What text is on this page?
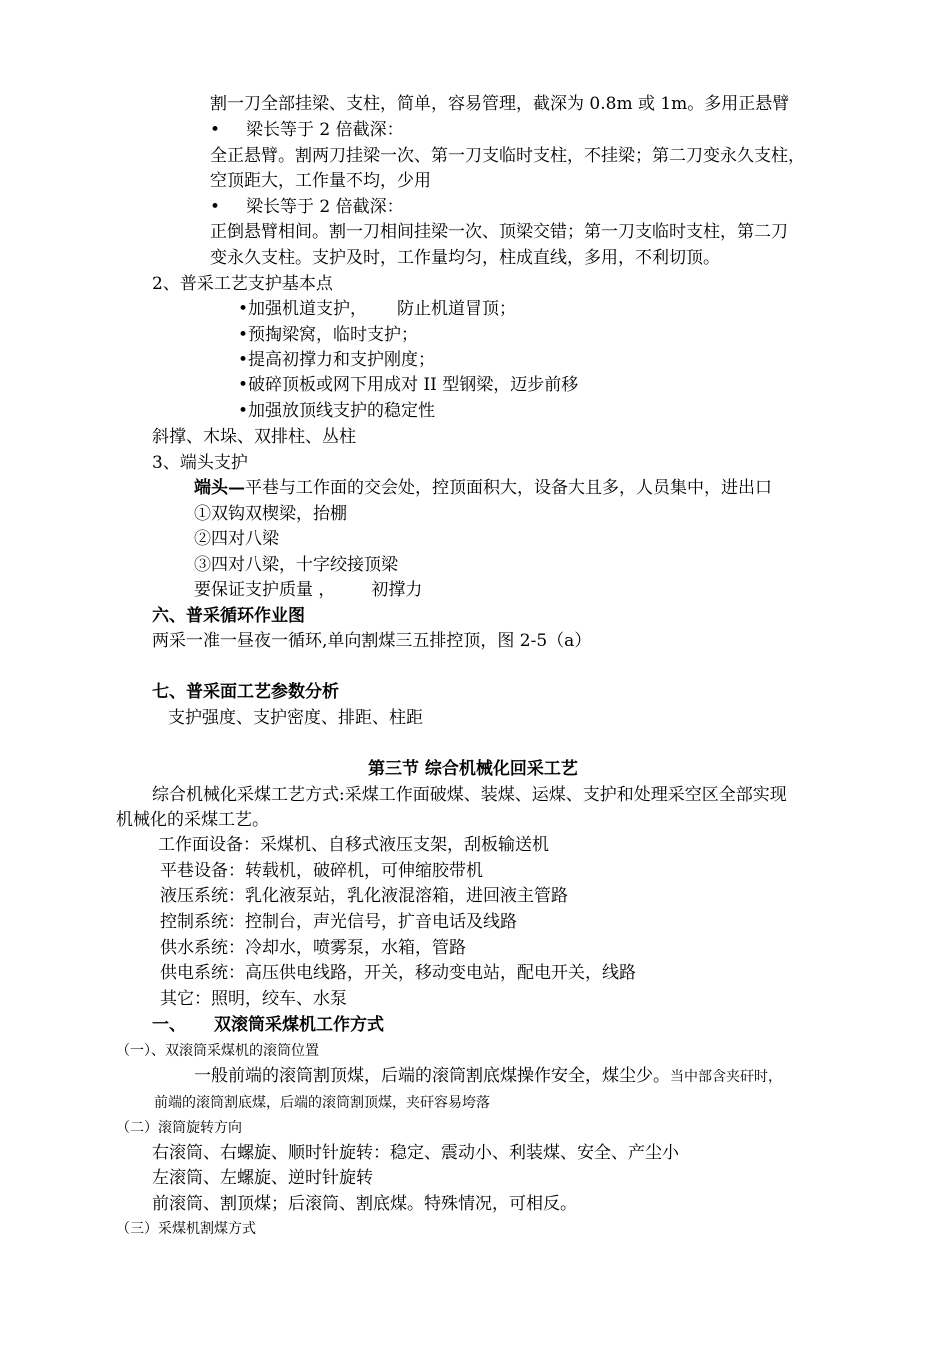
割一刀全部挂梁、支柱，简单，容易管理，截深为 0.8m 或 1m。多用正悬臂
• 梁长等于 2 倍截深：
全正悬臂。割两刀挂梁一次、第一刀支临时支柱，不挂梁；第二刀变永久支柱，
空顶距大，工作量不均，少用
• 梁长等于 2 倍截深：
正倒悬臂相间。割一刀相间挂梁一次、顶梁交错；第一刀支临时支柱，第二刀
变永久支柱。支护及时，工作量均匀，柱成直线，多用，不利切顶。
2、普采工艺支护基本点
•加强机道支护， 防止机道冒顶；
•预掏梁窝，临时支护；
•提高初撑力和支护刚度；
•破碎顶板或网下用成对 II 型钢梁，迈步前移
•加强放顶线支护的稳定性
斜撑、木垛、双排柱、丛柱
3、端头支护
端头—平巷与工作面的交会处，控顶面积大，设备大且多，人员集中，进出口
①双钩双楔梁，抬棚
②四对八梁
③四对八梁，十字绞接顶梁
要保证支护质量 ， 初撑力
六、普采循环作业图
两采一准一昼夜一循环,单向割煤三五排控顶，图 2-5（a）
七、普采面工艺参数分析
支护强度、支护密度、排距、柱距
第三节 综合机械化回采工艺
综合机械化采煤工艺方式:采煤工作面破煤、装煤、运煤、支护和处理采空区全部实现
机械化的采煤工艺。
工作面设备：采煤机、自移式液压支架，刮板输送机
平巷设备：转载机，破碎机，可伸缩胶带机
液压系统：乳化液泵站，乳化液混溶箱，进回液主管路
控制系统：控制台，声光信号，扩音电话及线路
供水系统：冷却水，喷雾泵，水箱，管路
供电系统：高压供电线路，开关，移动变电站，配电开关，线路
其它：照明，绞车、水泵
一、 双滚筒采煤机工作方式
（一）、双滚筒采煤机的滚筒位置
一般前端的滚筒割顶煤，后端的滚筒割底煤操作安全，煤尘少。当中部含夹矸时，
前端的滚筒割底煤，后端的滚筒割顶煤，夹矸容易垮落
（二）滚筒旋转方向
右滚筒、右螺旋、顺时针旋转：稳定、震动小、利装煤、安全、产尘小
左滚筒、左螺旋、逆时针旋转
前滚筒、割顶煤；后滚筒、割底煤。特殊情况，可相反。
（三）采煤机割煤方式
